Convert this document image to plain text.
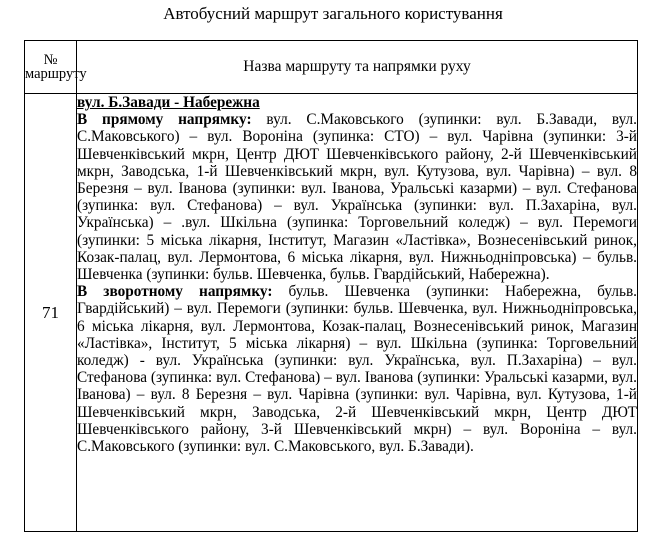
Автобусний маршрут загального користування
№ маршруту	Назва маршруту та напрямки руху
71	вул. Б.Завади - Набережна

В прямому напрямку: вул. С.Маковського (зупинки: вул. Б.Завади, вул. С.Маковського) – вул. Вороніна (зупинка: СТО) – вул. Чарівна (зупинки: 3-й Шевченківський мкрн, Центр ДЮТ Шевченківського району, 2-й Шевченківський мкрн, Заводська, 1-й Шевченківський мкрн, вул. Кутузова, вул. Чарівна) – вул. 8 Березня – вул. Іванова (зупинки: вул. Іванова, Уральські казарми) – вул. Стефанова (зупинка: вул. Стефанова) – вул. Українська (зупинки: вул. П.Захаріна, вул. Українська) – .вул. Шкільна (зупинка: Торговельний коледж) – вул. Перемоги (зупинки: 5 міська лікарня, Інститут, Магазин «Ластівка», Вознесенівський ринок, Козак-палац, вул. Лермонтова, 6 міська лікарня, вул. Нижньодніпровська) – бульв. Шевченка (зупинки: бульв. Шевченка, бульв. Гвардійський, Набережна).

В зворотному напрямку: бульв. Шевченка (зупинки: Набережна, бульв. Гвардійський) – вул. Перемоги (зупинки: бульв. Шевченка, вул. Нижньодніпровська, 6 міська лікарня, вул. Лермонтова, Козак-палац, Вознесенівський ринок, Магазин «Ластівка», Інститут, 5 міська лікарня) – вул. Шкільна (зупинка: Торговельний коледж) - вул. Українська (зупинки: вул. Українська, вул. П.Захаріна) – вул. Стефанова (зупинка: вул. Стефанова) – вул. Іванова (зупинки: Уральські казарми, вул. Іванова) – вул. 8 Березня – вул. Чарівна (зупинки: вул. Чарівна, вул. Кутузова, 1-й Шевченківський мкрн, Заводська, 2-й Шевченківський мкрн, Центр ДЮТ Шевченківського району, 3-й Шевченківський мкрн) – вул. Вороніна – вул. С.Маковського (зупинки: вул. С.Маковського, вул. Б.Завади).
